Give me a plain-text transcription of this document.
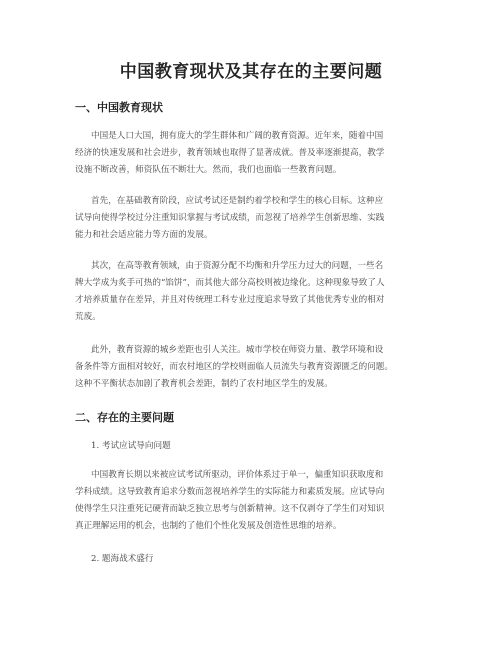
中国教育现状及其存在的主要问题
一、中国教育现状
中国是人口大国，拥有庞大的学生群体和广阔的教育资源。近年来，随着中国
经济的快速发展和社会进步，教育领域也取得了显著成就。普及率逐渐提高，教学
设施不断改善，师资队伍不断壮大。然而，我们也面临一些教育问题。
首先，在基础教育阶段，应试考试还是制约着学校和学生的核心目标。这种应
试导向使得学校过分注重知识掌握与考试成绩，而忽视了培养学生创新思维、实践
能力和社会适应能力等方面的发展。
其次，在高等教育领域，由于资源分配不均衡和升学压力过大的问题，一些名
牌大学成为炙手可热的“馅饼”，而其他大部分高校则被边缘化。这种现象导致了人
才培养质量存在差异，并且对传统理工科专业过度追求导致了其他优秀专业的相对
荒废。
此外，教育资源的城乡差距也引人关注。城市学校在师资力量、教学环境和设
备条件等方面相对较好，而农村地区的学校则面临人员流失与教育资源匮乏的问题。
这种不平衡状态加剧了教育机会差距，制约了农村地区学生的发展。
二、存在的主要问题
1. 考试应试导向问题
中国教育长期以来被应试考试所驱动，评价体系过于单一，偏重知识获取度和
学科成绩。这导致教育追求分数而忽视培养学生的实际能力和素质发展。应试导向
使得学生只注重死记硬背而缺乏独立思考与创新精神。这不仅剥夺了学生们对知识
真正理解运用的机会，也制约了他们个性化发展及创造性思维的培养。
2. 题海战术盛行
